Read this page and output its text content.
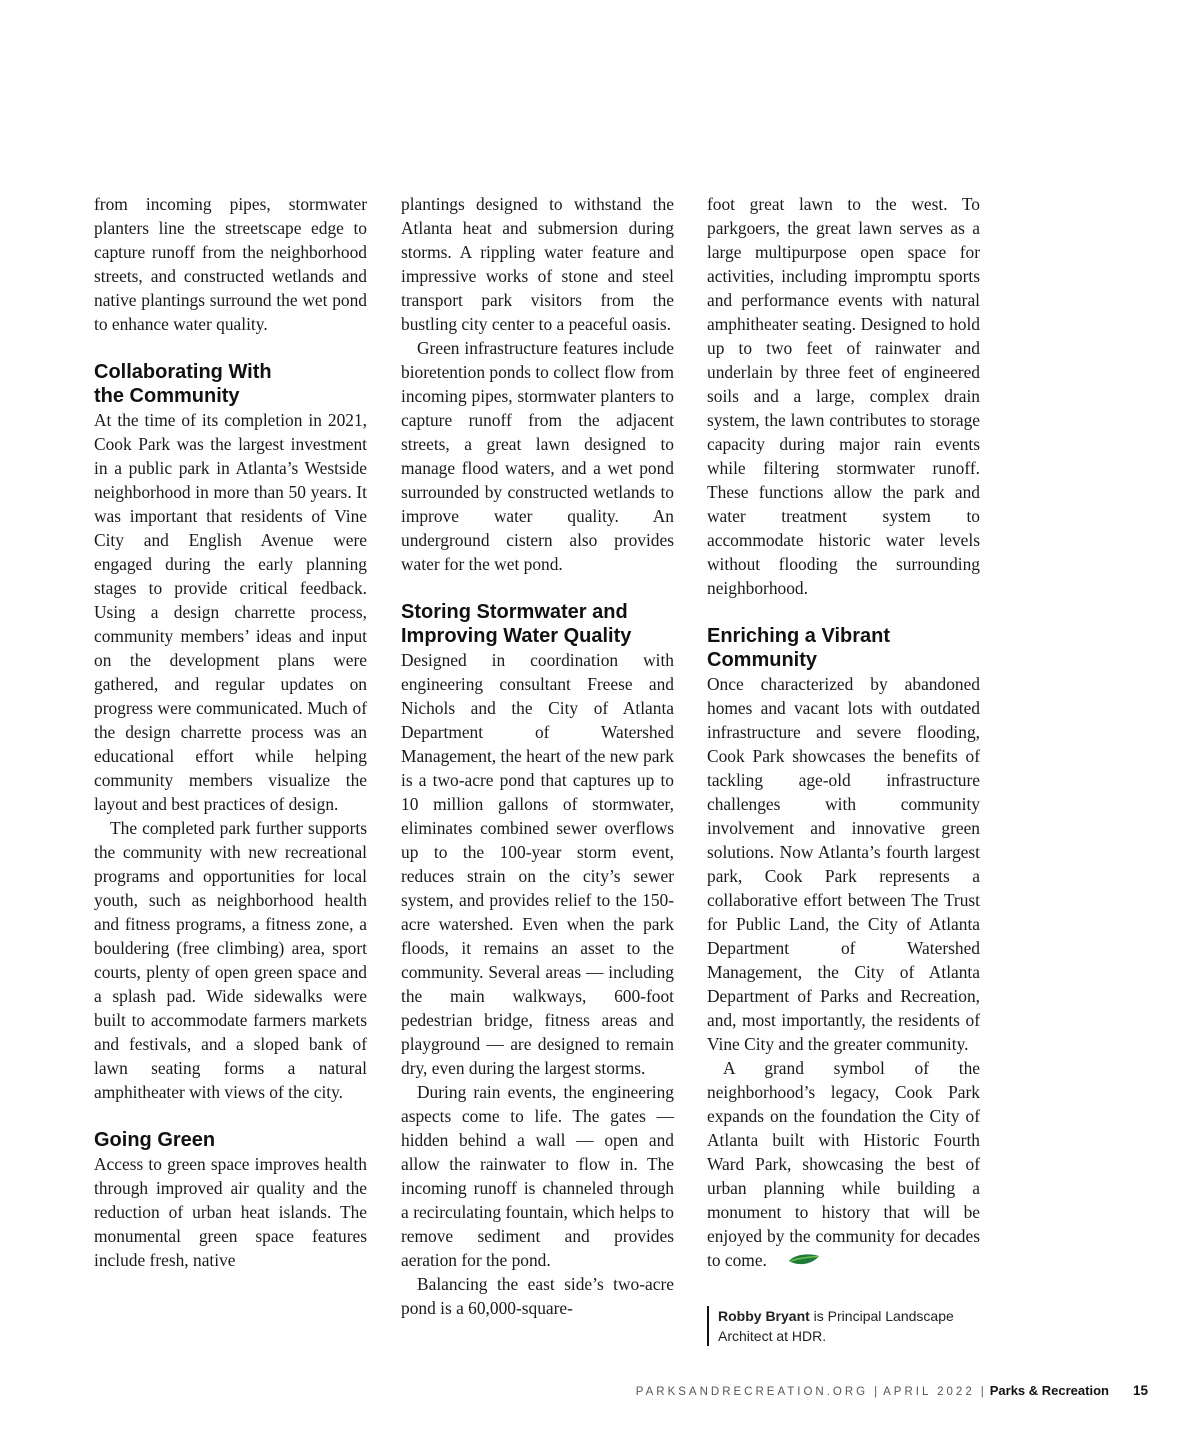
from incoming pipes, stormwater planters line the streetscape edge to capture runoff from the neighborhood streets, and constructed wetlands and native plantings surround the wet pond to enhance water quality.

Collaborating With
the Community

At the time of its completion in 2021, Cook Park was the largest investment in a public park in Atlanta’s Westside neighborhood in more than 50 years. It was important that residents of Vine City and English Avenue were engaged during the early planning stages to provide critical feedback. Using a design charrette process, community members’ ideas and input on the development plans were gathered, and regular updates on progress were communicated. Much of the design charrette process was an educational effort while helping community members visualize the layout and best practices of design.

The completed park further supports the community with new recreational programs and opportunities for local youth, such as neighborhood health and fitness programs, a fitness zone, a bouldering (free climbing) area, sport courts, plenty of open green space and a splash pad. Wide sidewalks were built to accommodate farmers markets and festivals, and a sloped bank of lawn seating forms a natural amphitheater with views of the city.

Going Green

Access to green space improves health through improved air quality and the reduction of urban heat islands. The monumental green space features include fresh, native

plantings designed to withstand the Atlanta heat and submersion during storms. A rippling water feature and impressive works of stone and steel transport park visitors from the bustling city center to a peaceful oasis.

Green infrastructure features include bioretention ponds to collect flow from incoming pipes, stormwater planters to capture runoff from the adjacent streets, a great lawn designed to manage flood waters, and a wet pond surrounded by constructed wetlands to improve water quality. An underground cistern also provides water for the wet pond.

Storing Stormwater and
Improving Water Quality

Designed in coordination with engineering consultant Freese and Nichols and the City of Atlanta Department of Watershed Management, the heart of the new park is a two-acre pond that captures up to 10 million gallons of stormwater, eliminates combined sewer overflows up to the 100-year storm event, reduces strain on the city’s sewer system, and provides relief to the 150-acre watershed. Even when the park floods, it remains an asset to the community. Several areas — including the main walkways, 600-foot pedestrian bridge, fitness areas and playground — are designed to remain dry, even during the largest storms.

During rain events, the engineering aspects come to life. The gates — hidden behind a wall — open and allow the rainwater to flow in. The incoming runoff is channeled through a recirculating fountain, which helps to remove sediment and provides aeration for the pond.

Balancing the east side’s two-acre pond is a 60,000-square-

foot great lawn to the west. To parkgoers, the great lawn serves as a large multipurpose open space for activities, including impromptu sports and performance events with natural amphitheater seating. Designed to hold up to two feet of rainwater and underlain by three feet of engineered soils and a large, complex drain system, the lawn contributes to storage capacity during major rain events while filtering stormwater runoff. These functions allow the park and water treatment system to accommodate historic water levels without flooding the surrounding neighborhood.

Enriching a Vibrant
Community

Once characterized by abandoned homes and vacant lots with outdated infrastructure and severe flooding, Cook Park showcases the benefits of tackling age-old infrastructure challenges with community involvement and innovative green solutions. Now Atlanta’s fourth largest park, Cook Park represents a collaborative effort between The Trust for Public Land, the City of Atlanta Department of Watershed Management, the City of Atlanta Department of Parks and Recreation, and, most importantly, the residents of Vine City and the greater community.

A grand symbol of the neighborhood’s legacy, Cook Park expands on the foundation the City of Atlanta built with Historic Fourth Ward Park, showcasing the best of urban planning while building a monument to history that will be enjoyed by the community for decades to come.

Robby Bryant is Principal Landscape Architect at HDR.
PARKSANDRECREATION.ORG | APRIL 2022 | Parks & Recreation 15
